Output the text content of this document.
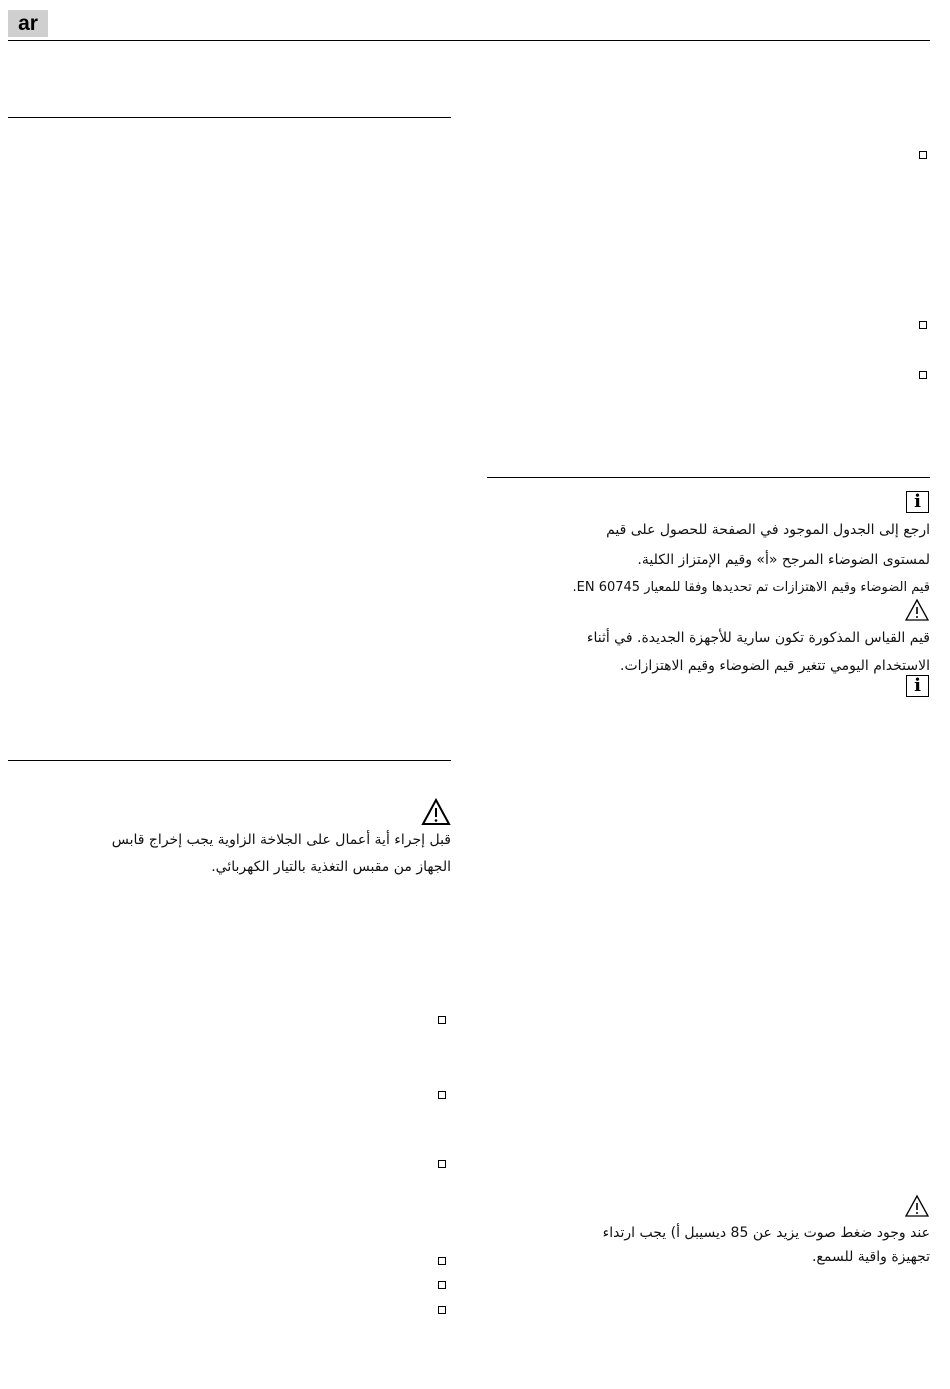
ar
i

ارجع إلى الجدول الموجود في الصفحة للحصول على قيم

لمستوى الضوضاء المرجح «أ» وقيم الإمتزاز الكلية.

قيم الضوضاء وقيم الاهتزازات تم تحديدها وفقا للمعيار EN 60745.

قيم القياس المذكورة تكون سارية للأجهزة الجديدة. في أثناء

الاستخدام اليومي تتغير قيم الضوضاء وقيم الاهتزازات.

i

عند وجود ضغط صوت يزيد عن 85 ديسيبل أ) يجب ارتداء

تجهيزة واقية للسمع.

قبل إجراء أية أعمال على الجلاخة الزاوية يجب إخراج قابس

الجهاز من مقبس التغذية بالتيار الكهربائي.
